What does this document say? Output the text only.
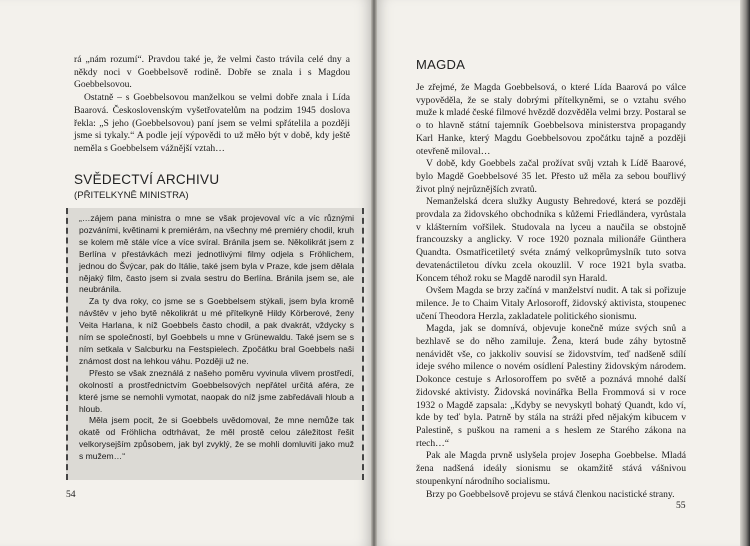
rá „nám rozumí“. Pravdou také je, že velmi často trávila celé dny a někdy noci v Goebbelsově rodině. Dobře se znala i s Magdou Goebbelsovou.

Ostatně – s Goebbelsovou manželkou se velmi dobře znala i Lída Baarová. Československým vyšetřovatelům na podzim 1945 doslova řekla: „S jeho (Goebbelsovou) paní jsem se velmi spřátelila a později jsme si tykaly.“ A podle její výpovědi to už měło být v době, kdy ještě neměla s Goebbelsem vážnější vztah…

SVĚDECTVÍ ARCHIVU
(PŘITELKYNĚ MINISTRA)

„…zájem pana ministra o mne se však projevoval víc a víc různými pozváními, květinami k premiérám, na všechny mé premiéry chodil, kruh se kolem mě stále více a více svíral. Bránila jsem se. Několikrát jsem z Berlína v přestávkách mezi jednotlivými filmy odjela s Fröhlichem, jednou do Švýcar, pak do Itálie, také jsem byla v Praze, kde jsem dělala nějaký film, často jsem si zvala sestru do Berlína. Bránila jsem se, ale neubránila.

Za ty dva roky, co jsme se s Goebbelsem stýkali, jsem byla kromě návštěv v jeho bytě několikrát u mé přítelkyně Hildy Körberové, ženy Veita Harlana, k níž Goebbels často chodil, a pak dvakrát, vždycky s ním se společností, byl Goebbels u mne v Grünewaldu. Také jsem se s ním setkala v Salcburku na Festspielech. Zpočátku bral Goebbels naši známost dost na lehkou váhu. Později už ne.

Přesto se však zneználá z našeho poměru vyvinula vlivem prostředí, okolností a prostřednictvím Goebbelsových nepřátel určitá aféra, ze které jsme se nemohli vymotat, naopak do níž jsme zabředávali hloub a hloub.

Měla jsem pocit, že si Goebbels uvědomoval, že mne nemůže tak okatě od Fröhlicha odtrhávat, že měl prostě celou záležitost řešit velkorysejším způsobem, jak byl zvyklý, že se mohli domluviti jako muž s mužem…“

54
MAGDA

Je zřejmé, že Magda Goebbelsová, o které Lída Baarová po válce vypověděla, že se staly dobrými přítelkyněmi, se o vztahu svého muže k mladé české filmové hvězdě dozvěděla velmi brzy. Postaral se o to hlavně státní tajemník Goebbelsova ministerstva propagandy Karl Hanke, který Magdu Goebbelsovou zpočátku tajně a později otevřeně miloval…

V době, kdy Goebbels začal prožívat svůj vztah k Lídě Baarové, bylo Magdě Goebbelsové 35 let. Přesto už měla za sebou bouřlivý život plný nejrůznějších zvratů.

Nemanželská dcera služky Augusty Behredové, která se později provdala za židovského obchodníka s kůžemi Friedländera, vyrůstala v klášterním vořšilek. Studovala na lyceu a naučila se obstojně francouzsky a anglicky. V roce 1920 poznala milionáře Günthera Quandta. Osmatřicetiletý svéta známý velkoprůmyslník tuto sotva devatenáctiletou dívku zcela okouzlil. V roce 1921 byla svatba. Koncem téhož roku se Magdě narodil syn Harald.

Ovšem Magda se brzy začíná v manželství nudit. A tak si pořizuje milence. Je to Chaim Vitaly Arlosoroff, židovský aktivista, stoupenec učení Theodora Herzla, zakladatele politického sionismu.

Magda, jak se domnívá, objevuje konečně múze svých snů a bezhlavě se do něho zamiluje. Žena, která bude záhy bytostně nenávidět vše, co jakkoliv souvisí se židovstvím, teď nadšeně sdílí ideje svého milence o novém osídlení Palestiny židovským národem. Dokonce cestuje s Arlosoroffem po světě a poznává mnohé další židovské aktivisty. Židovská novinářka Bella Frommová si v roce 1932 o Magdě zapsala: „Kdyby se nevyskytl bohatý Quandt, kdo ví, kde by teď byla. Patrně by stála na stráži před nějakým kibucem v Palestině, s puškou na rameni a s heslem ze Starého zákona na rtech…“

Pak ale Magda prvně uslyšela projev Josepha Goebbelse. Mladá žena nadšená ideály sionismu se okamžitě stává vášnivou stoupenkyní národního socialismu.

Brzy po Goebbelsově projevu se stává členkou nacistické strany.

55
